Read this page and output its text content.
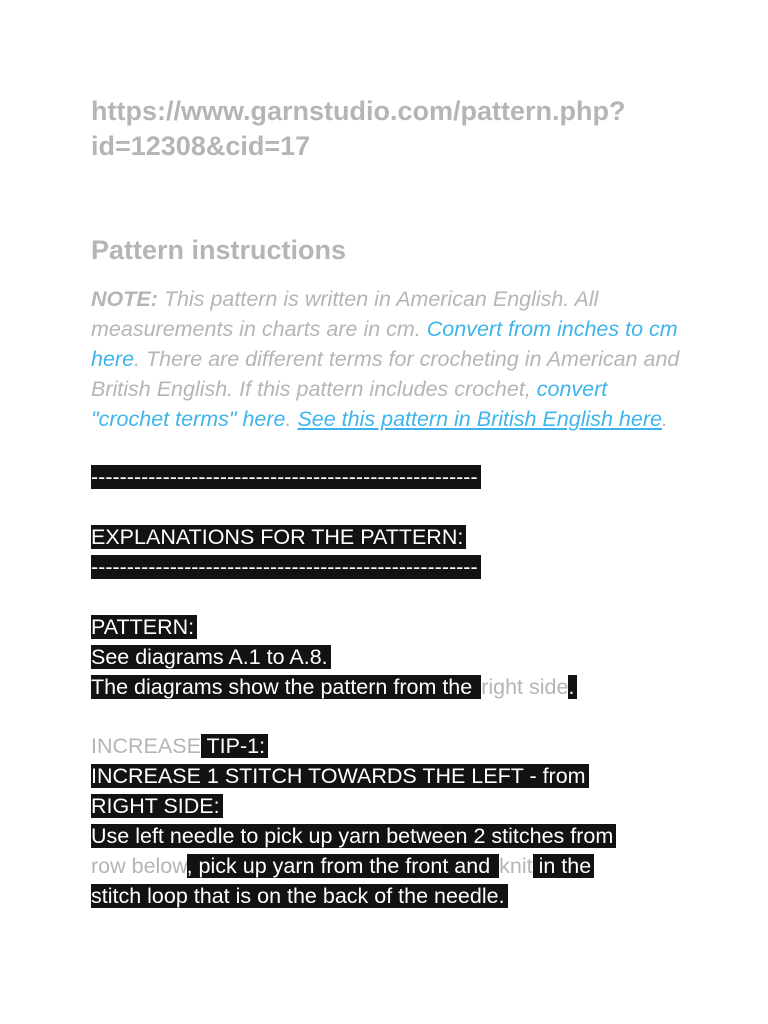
https://www.garnstudio.com/pattern.php?
id=12308&cid=17

Pattern instructions

NOTE: This pattern is written in American English. All measurements in charts are in cm. Convert from inches to cm here. There are different terms for crocheting in American and British English. If this pattern includes crochet, convert "crochet terms" here. See this pattern in British English here.

------------------------------------------------------
EXPLANATIONS FOR THE PATTERN:
------------------------------------------------------
PATTERN:
See diagrams A.1 to A.8.
The diagrams show the pattern from the right side.
INCREASE TIP-1:
INCREASE 1 STITCH TOWARDS THE LEFT - from
RIGHT SIDE:
Use left needle to pick up yarn between 2 stitches from
row below, pick up yarn from the front and knit in the
stitch loop that is on the back of the needle.
